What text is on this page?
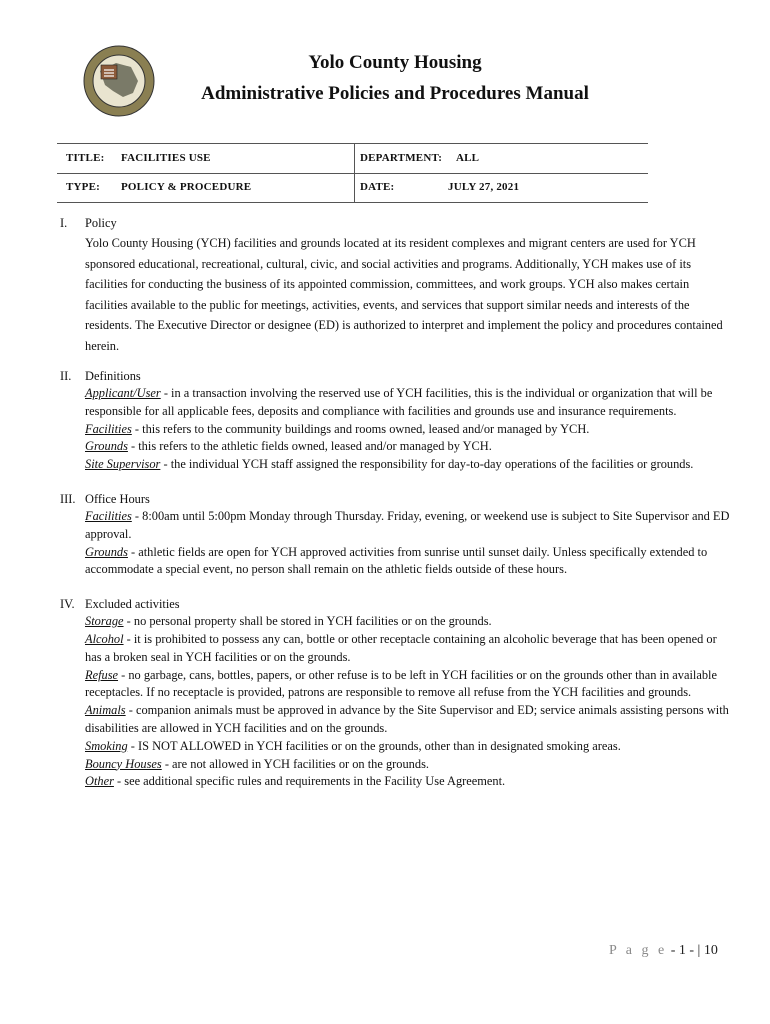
Yolo County Housing
Administrative Policies and Procedures Manual
TITLE: FACILITIES USE	DEPARTMENT: ALL
TYPE: POLICY & PROCEDURE	DATE:	JULY 27, 2021
I. Policy

Yolo County Housing (YCH) facilities and grounds located at its resident complexes and migrant centers are used for YCH sponsored educational, recreational, cultural, civic, and social activities and programs. Additionally, YCH makes use of its facilities for conducting the business of its appointed commission, committees, and work groups. YCH also makes certain facilities available to the public for meetings, activities, events, and services that support similar needs and interests of the residents. The Executive Director or designee (ED) is authorized to interpret and implement the policy and procedures contained herein.

II. Definitions
Applicant/User - in a transaction involving the reserved use of YCH facilities, this is the individual or organization that will be responsible for all applicable fees, deposits and compliance with facilities and grounds use and insurance requirements.
Facilities - this refers to the community buildings and rooms owned, leased and/or managed by YCH.
Grounds - this refers to the athletic fields owned, leased and/or managed by YCH.
Site Supervisor - the individual YCH staff assigned the responsibility for day-to-day operations of the facilities or grounds.
III. Office Hours
Facilities - 8:00am until 5:00pm Monday through Thursday. Friday, evening, or weekend use is subject to Site Supervisor and ED approval.
Grounds - athletic fields are open for YCH approved activities from sunrise until sunset daily. Unless specifically extended to accommodate a special event, no person shall remain on the athletic fields outside of these hours.
IV. Excluded activities
Storage - no personal property shall be stored in YCH facilities or on the grounds.
Alcohol - it is prohibited to possess any can, bottle or other receptacle containing an alcoholic beverage that has been opened or has a broken seal in YCH facilities or on the grounds.
Refuse - no garbage, cans, bottles, papers, or other refuse is to be left in YCH facilities or on the grounds other than in available receptacles. If no receptacle is provided, patrons are responsible to remove all refuse from the YCH facilities and grounds.
Animals - companion animals must be approved in advance by the Site Supervisor and ED; service animals assisting persons with disabilities are allowed in YCH facilities and on the grounds.
Smoking - IS NOT ALLOWED in YCH facilities or on the grounds, other than in designated smoking areas.
Bouncy Houses - are not allowed in YCH facilities or on the grounds.
Other - see additional specific rules and requirements in the Facility Use Agreement.
P a g e - 1 - | 10
